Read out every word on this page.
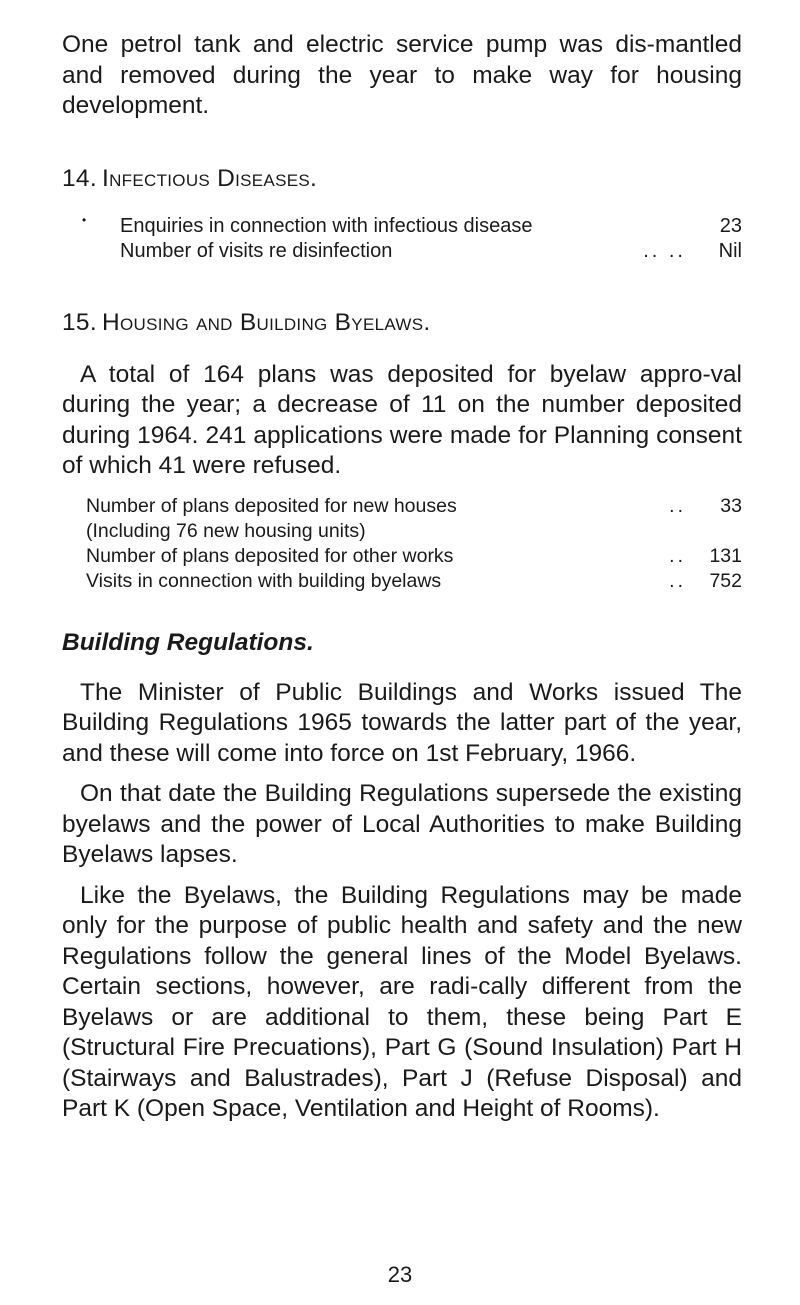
One petrol tank and electric service pump was dis-mantled and removed during the year to make way for housing development.

14. Infectious Diseases.
• Enquiries in connection with infectious disease	23
Number of visits re disinfection	.. ..	Nil
15. Housing and Building Byelaws.

A total of 164 plans was deposited for byelaw appro-val during the year; a decrease of 11 on the number deposited during 1964. 241 applications were made for Planning consent of which 41 were refused.

Number of plans deposited for new houses	..	33
(Including 76 new housing units)
Number of plans deposited for other works	..	131
Visits in connection with building byelaws	..	752
Building Regulations.

The Minister of Public Buildings and Works issued The Building Regulations 1965 towards the latter part of the year, and these will come into force on 1st February, 1966.

On that date the Building Regulations supersede the existing byelaws and the power of Local Authorities to make Building Byelaws lapses.

Like the Byelaws, the Building Regulations may be made only for the purpose of public health and safety and the new Regulations follow the general lines of the Model Byelaws. Certain sections, however, are radi-cally different from the Byelaws or are additional to them, these being Part E (Structural Fire Precuations), Part G (Sound Insulation) Part H (Stairways and Balustrades), Part J (Refuse Disposal) and Part K (Open Space, Ventilation and Height of Rooms).

23
